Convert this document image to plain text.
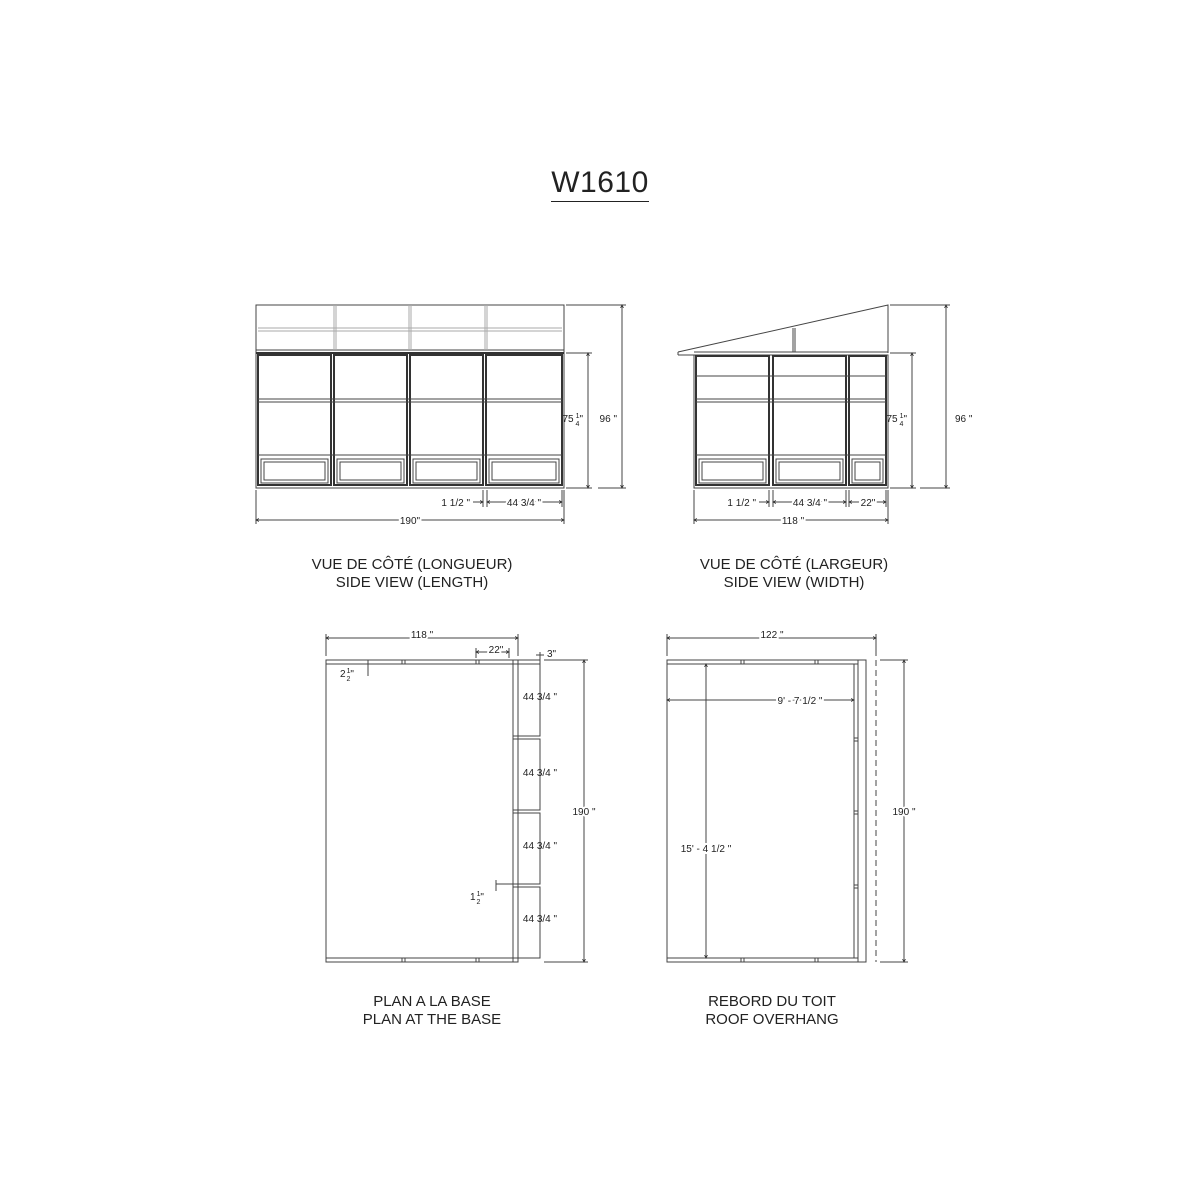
W1610
190"
1 1/2 "	44 3/4 "
75 $^1$ 4" 96 "
118 "
1 1/2 "	44 3/4 "	22"
75 $^1$ 4"	96 "
118 "
22"	3"
$2^1$ 2"
44 3/4 "
44 3/4 "
44 3/4 "
44 3/4 "
$1^1$ 2"
190 "
122 "
9' - 7 1/2 "
15' - 4 1/2 "
190 "
VUE DE CÔTÉ (LONGUEUR)
SIDE VIEW (LENGTH)
VUE DE CÔTÉ (LARGEUR)
SIDE VIEW (WIDTH)
PLAN A LA BASE
PLAN AT THE BASE
REBORD DU TOIT
ROOF OVERHANG
